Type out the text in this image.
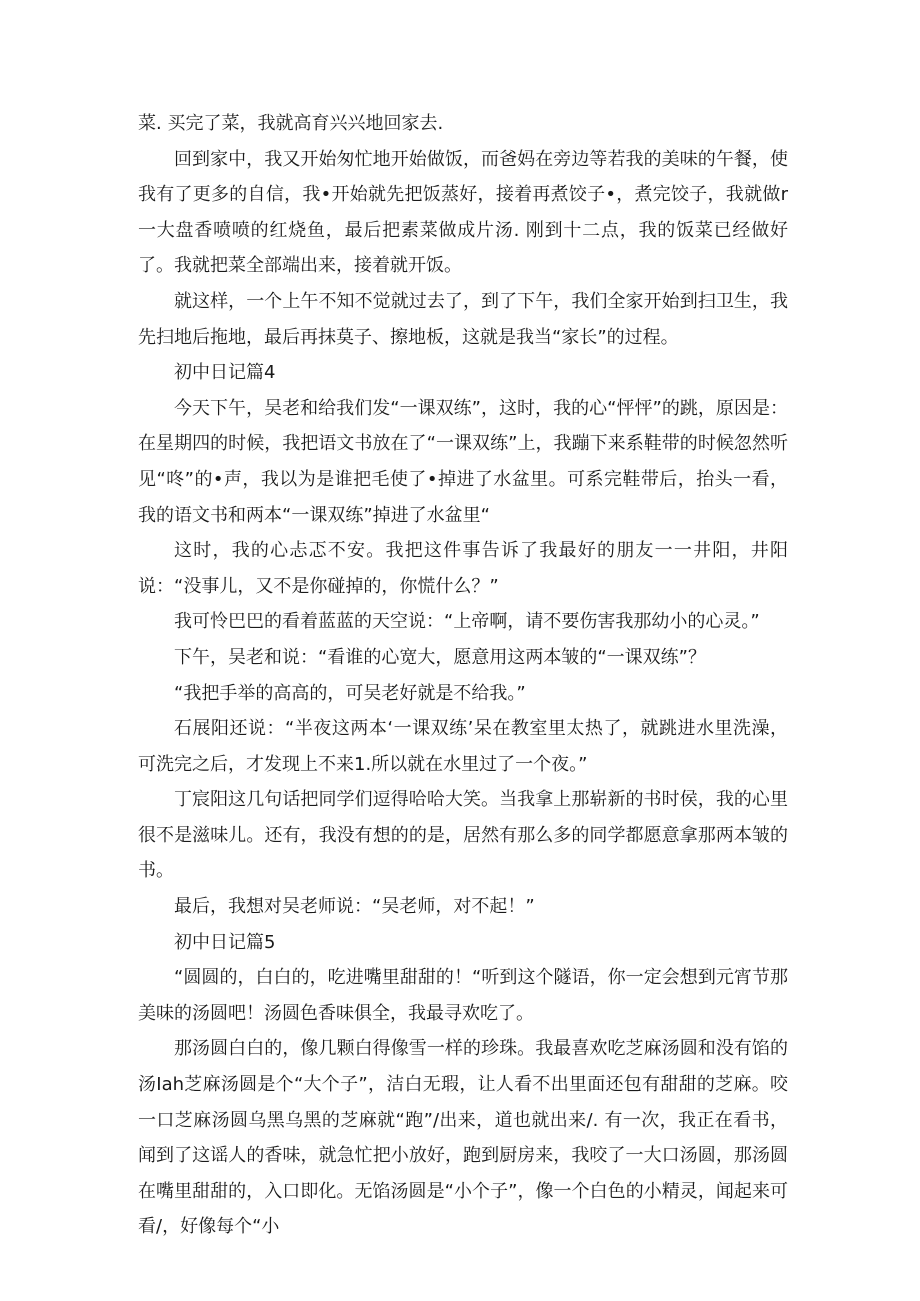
菜. 买完了菜，我就高育兴兴地回家去.

回到家中，我又开始匆忙地开始做饭，而爸妈在旁边等若我的美味的午餐，使我有了更多的自信，我•开始就先把饭蒸好，接着再煮饺子•，煮完饺子，我就做r一大盘香喷喷的红烧鱼，最后把素菜做成片汤. 刚到十二点，我的饭菜已经做好了。我就把菜全部端出来，接着就开饭。

就这样，一个上午不知不觉就过去了，到了下午，我们全家开始到扫卫生，我先扫地后拖地，最后再抹莫子、擦地板，这就是我当“家长”的过程。

初中日记篇4

今天下午，吴老和给我们发“一课双练”，这时，我的心“怦怦”的跳，原因是：在星期四的时候，我把语文书放在了“一课双练”上，我蹦下来系鞋带的时候忽然听见“咚”的•声，我以为是谁把毛使了•掉进了水盆里。可系完鞋带后，抬头一看，我的语文书和两本“一课双练”掉进了水盆里“

这时，我的心忐忑不安。我把这件事告诉了我最好的朋友一一井阳，井阳说：“没事儿，又不是你碰掉的，你慌什么？”

我可怜巴巴的看着蓝蓝的天空说：“上帝啊，请不要伤害我那幼小的心灵。”

下午，吴老和说：“看谁的心宽大，愿意用这两本皱的“一课双练”？

“我把手举的高高的，可吴老好就是不给我。”

石展阳还说：“半夜这两本‘一课双练’呆在教室里太热了，就跳进水里洗澡，可洗完之后，才发现上不来1.所以就在水里过了一个夜。”

丁宸阳这几句话把同学们逗得哈哈大笑。当我拿上那崭新的书时侯，我的心里很不是滋味儿。还有，我没有想的的是，居然有那么多的同学都愿意拿那两本皱的书。

最后，我想对吴老师说：“吴老师，对不起！”

初中日记篇5

“圆圆的，白白的，吃进嘴里甜甜的！“听到这个隧语，你一定会想到元宵节那美味的汤圆吧！汤圆色香味俱全，我最寻欢吃了。

那汤圆白白的，像几颗白得像雪一样的珍珠。我最喜欢吃芝麻汤圆和没有馅的汤Iah芝麻汤圆是个“大个子”，洁白无瑕，让人看不出里面还包有甜甜的芝麻。咬一口芝麻汤圆乌黑乌黑的芝麻就“跑”/出来，道也就出来/. 有一次，我正在看书，闻到了这谣人的香味，就急忙把小放好，跑到厨房来，我咬了一大口汤圆，那汤圆在嘴里甜甜的，入口即化。无馅汤圆是“小个子”，像一个白色的小精灵，闻起来可看/，好像每个“小
